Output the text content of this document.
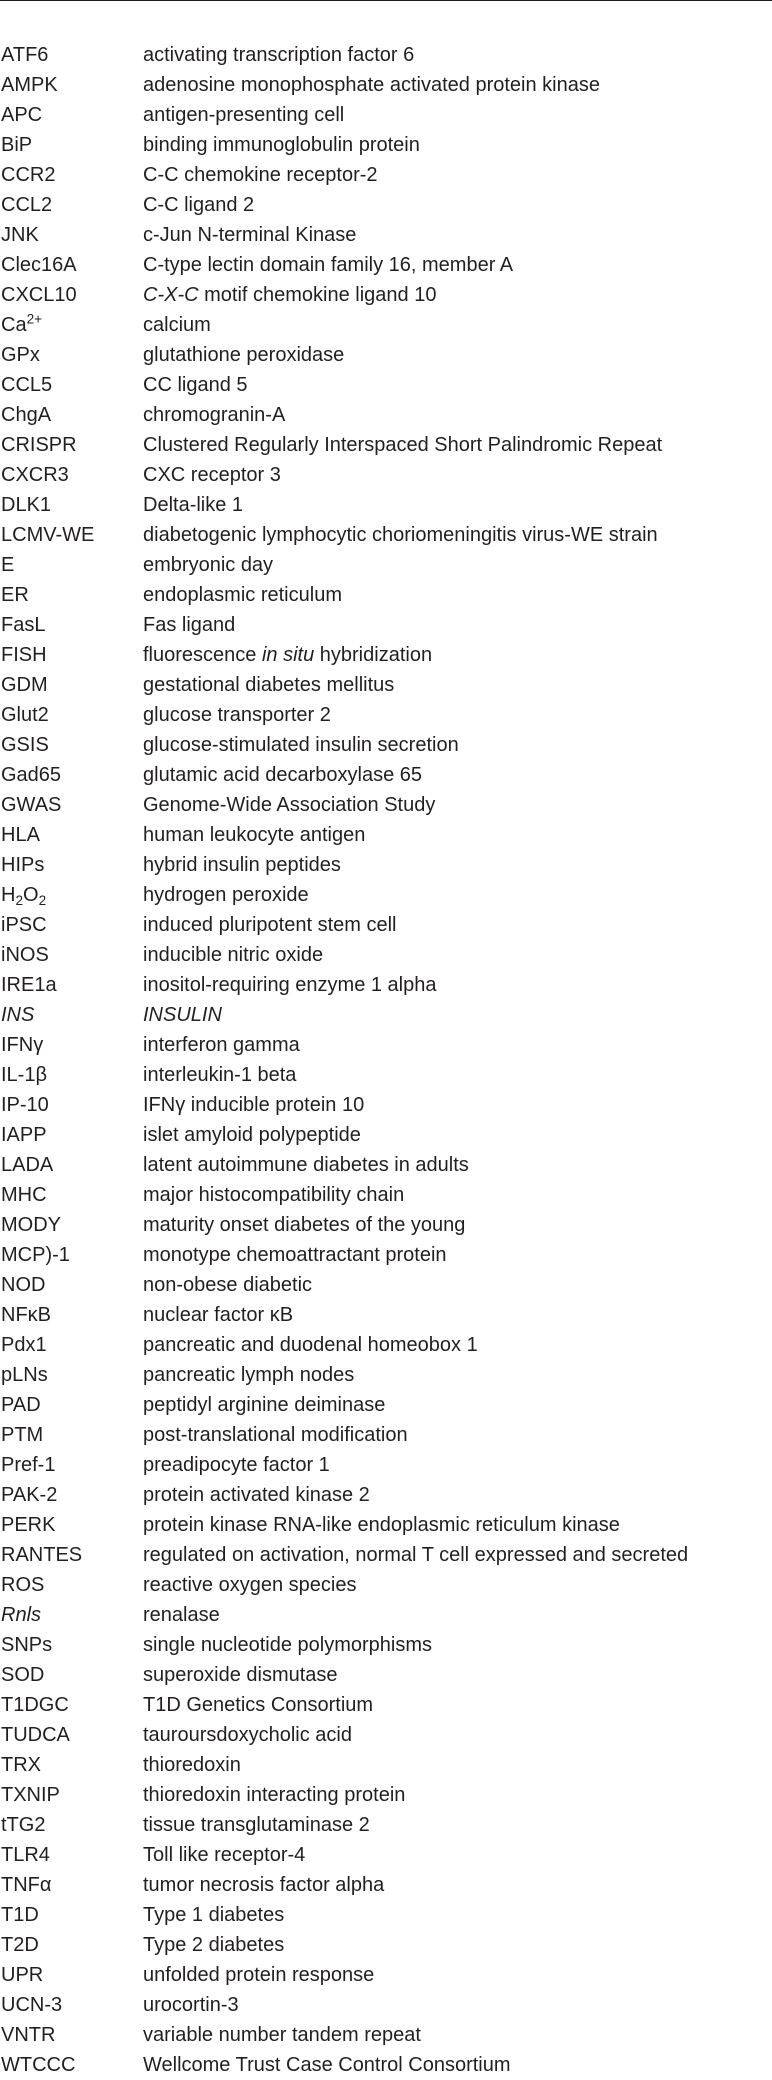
ATF6	activating transcription factor 6
AMPK	adenosine monophosphate activated protein kinase
APC	antigen-presenting cell
BiP	binding immunoglobulin protein
CCR2	C-C chemokine receptor-2
CCL2	C-C ligand 2
JNK	c-Jun N-terminal Kinase
Clec16A	C-type lectin domain family 16, member A
CXCL10	C-X-C motif chemokine ligand 10
$Ca^{2+}$	calcium
GPx	glutathione peroxidase
CCL5	CC ligand 5
ChgA	chromogranin-A
CRISPR	Clustered Regularly Interspaced Short Palindromic Repeat
CXCR3	CXC receptor 3
DLK1	Delta-like 1
LCMV-WE	diabetogenic lymphocytic choriomeningitis virus-WE strain
E	embryonic day
ER	endoplasmic reticulum
FasL	Fas ligand
FISH	fluorescence in situ hybridization
GDM	gestational diabetes mellitus
Glut2	glucose transporter 2
GSIS	glucose-stimulated insulin secretion
Gad65	glutamic acid decarboxylase 65
GWAS	Genome-Wide Association Study
HLA	human leukocyte antigen
HIPs	hybrid insulin peptides
$H_2O_2$	hydrogen peroxide
iPSC	induced pluripotent stem cell
iNOS	inducible nitric oxide
IRE1a	inositol-requiring enzyme 1 alpha
INS	INSULIN
IFNγ	interferon gamma
IL-1β	interleukin-1 beta
IP-10	IFNγ inducible protein 10
IAPP	islet amyloid polypeptide
LADA	latent autoimmune diabetes in adults
MHC	major histocompatibility chain
MODY	maturity onset diabetes of the young
MCP)-1	monotype chemoattractant protein
NOD	non-obese diabetic
NFκB	nuclear factor κB
Pdx1	pancreatic and duodenal homeobox 1
pLNs	pancreatic lymph nodes
PAD	peptidyl arginine deiminase
PTM	post-translational modification
Pref-1	preadipocyte factor 1
PAK-2	protein activated kinase 2
PERK	protein kinase RNA-like endoplasmic reticulum kinase
RANTES	regulated on activation, normal T cell expressed and secreted
ROS	reactive oxygen species
Rnls	renalase
SNPs	single nucleotide polymorphisms
SOD	superoxide dismutase
T1DGC	T1D Genetics Consortium
TUDCA	tauroursdoxycholic acid
TRX	thioredoxin
TXNIP	thioredoxin interacting protein
tTG2	tissue transglutaminase 2
TLR4	Toll like receptor-4
TNFα	tumor necrosis factor alpha
T1D	Type 1 diabetes
T2D	Type 2 diabetes
UPR	unfolded protein response
UCN-3	urocortin-3
VNTR	variable number tandem repeat
WTCCC	Wellcome Trust Case Control Consortium
